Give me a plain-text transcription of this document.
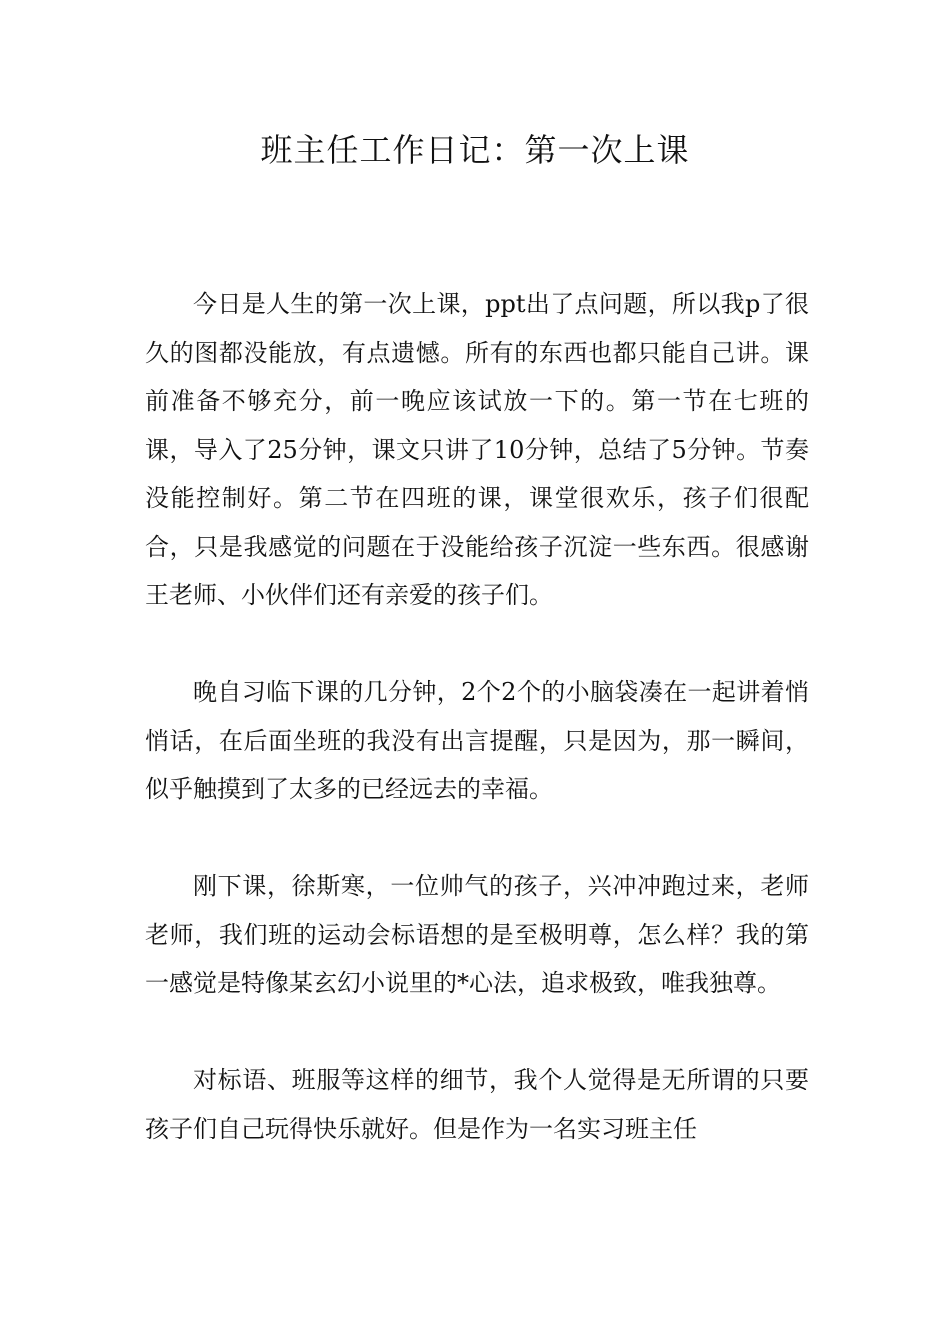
班主任工作日记：第一次上课

今日是人生的第一次上课，ppt出了点问题，所以我p了很久的图都没能放，有点遗憾。所有的东西也都只能自己讲。课前准备不够充分，前一晚应该试放一下的。第一节在七班的课，导入了25分钟，课文只讲了10分钟，总结了5分钟。节奏没能控制好。第二节在四班的课，课堂很欢乐，孩子们很配合，只是我感觉的问题在于没能给孩子沉淀一些东西。很感谢王老师、小伙伴们还有亲爱的孩子们。

晚自习临下课的几分钟，2个2个的小脑袋凑在一起讲着悄悄话，在后面坐班的我没有出言提醒，只是因为，那一瞬间，似乎触摸到了太多的已经远去的幸福。

刚下课，徐斯寒，一位帅气的孩子，兴冲冲跑过来，老师老师，我们班的运动会标语想的是至极明尊，怎么样？我的第一感觉是特像某玄幻小说里的*心法，追求极致，唯我独尊。

对标语、班服等这样的细节，我个人觉得是无所谓的只要孩子们自己玩得快乐就好。但是作为一名实习班主任
